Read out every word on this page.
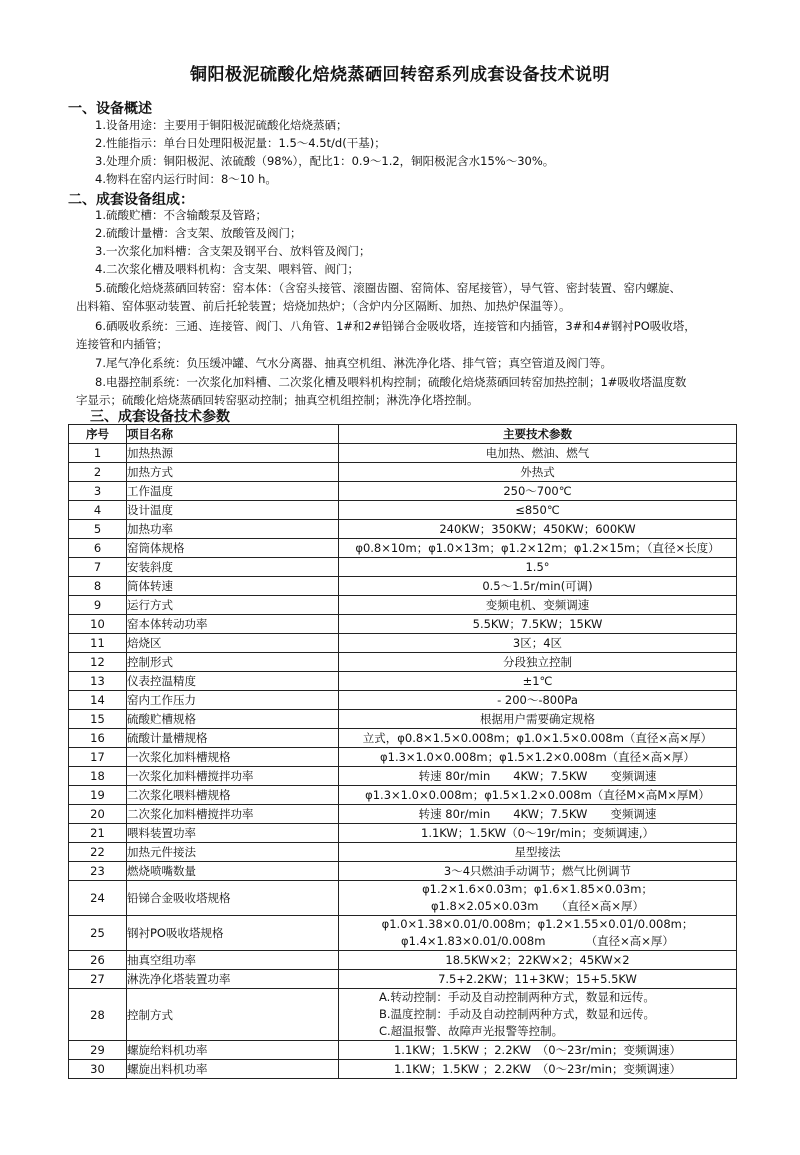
铜阳极泥硫酸化焙烧蒸硒回转窑系列成套设备技术说明
一、设备概述
1.设备用途：主要用于铜阳极泥硫酸化焙烧蒸硒；
2.性能指示：单台日处理阳极泥量：1.5～4.5t/d(干基)；
3.处理介质：铜阳极泥、浓硫酸（98%），配比1：0.9～1.2，铜阳极泥含水15%～30%。
4.物料在窑内运行时间：8～10 h。
二、成套设备组成：
1.硫酸贮槽：不含输酸泵及管路；
2.硫酸计量槽：含支架、放酸管及阀门；
3.一次浆化加料槽：含支架及钢平台、放料管及阀门；
4.二次浆化槽及喂料机构：含支架、喂料管、阀门；
5.硫酸化焙烧蒸硒回转窑：窑本体：（含窑头接管、滚圈齿圈、窑筒体、窑尾接管），导气管、密封装置、窑内螺旋、
出料箱、窑体驱动装置、前后托轮装置；焙烧加热炉；（含炉内分区隔断、加热、加热炉保温等）。
6.硒吸收系统：三通、连接管、阀门、八角管、1#和2#铅锑合金吸收塔，连接管和内插管，3#和4#钢衬PO吸收塔，
连接管和内插管；
7.尾气净化系统：负压缓冲罐、气水分离器、抽真空机组、淋洗净化塔、排气管；真空管道及阀门等。
8.电器控制系统：一次浆化加料槽、二次浆化槽及喂料机构控制；硫酸化焙烧蒸硒回转窑加热控制；1#吸收塔温度数
字显示；硫酸化焙烧蒸硒回转窑驱动控制；抽真空机组控制；淋洗净化塔控制。
三、成套设备技术参数
序号	项目名称	主要技术参数
1	加热热源	电加热、燃油、燃气
2	加热方式	外热式
3	工作温度	250～700℃
4	设计温度	≤850℃
5	加热功率	240KW；350KW；450KW；600KW
6	窑筒体规格	φ0.8×10m；φ1.0×13m；φ1.2×12m；φ1.2×15m；（直径×长度）
7	安装斜度	1.5°
8	筒体转速	0.5～1.5r/min(可调)
9	运行方式	变频电机、变频调速
10	窑本体转动功率	5.5KW；7.5KW；15KW
11	焙烧区	3区；4区
12	控制形式	分段独立控制
13	仪表控温精度	±1℃
14	窑内工作压力	- 200～-800Pa
15	硫酸贮槽规格	根据用户需要确定规格
16	硫酸计量槽规格	立式，φ0.8×1.5×0.008m；φ1.0×1.5×0.008m（直径×高×厚）
17	一次浆化加料槽规格	φ1.3×1.0×0.008m；φ1.5×1.2×0.008m（直径×高×厚）
18	一次浆化加料槽搅拌功率	转速 80r/min　　4KW；7.5KW　　变频调速
19	二次浆化喂料槽规格	φ1.3×1.0×0.008m；φ1.5×1.2×0.008m（直径M×高M×厚M）
20	二次浆化加料槽搅拌功率	转速 80r/min　　4KW；7.5KW　　变频调速
21	喂料装置功率	1.1KW；1.5KW（0～19r/min；变频调速,）
22	加热元件接法	星型接法
23	燃烧喷嘴数量	3～4只燃油手动调节；燃气比例调节
24	铅锑合金吸收塔规格	φ1.2×1.6×0.03m；φ1.6×1.85×0.03m；
φ1.8×2.05×0.03m　　（直径×高×厚）

25	钢衬PO吸收塔规格	φ1.0×1.38×0.01/0.008m；φ1.2×1.55×0.01/0.008m；
φ1.4×1.83×0.01/0.008m　　　　（直径×高×厚）

26	抽真空组功率	18.5KW×2；22KW×2；45KW×2
27	淋洗净化塔装置功率	7.5+2.2KW；11+3KW；15+5.5KW
28	控制方式	A.转动控制：手动及自动控制两种方式，数显和远传。
B.温度控制：手动及自动控制两种方式，数显和远传。
C.超温报警、故障声光报警等控制。

29	螺旋给料机功率	1.1KW；1.5KW ；2.2KW　（0～23r/min；变频调速）
30	螺旋出料机功率	1.1KW；1.5KW ；2.2KW　（0～23r/min；变频调速）
